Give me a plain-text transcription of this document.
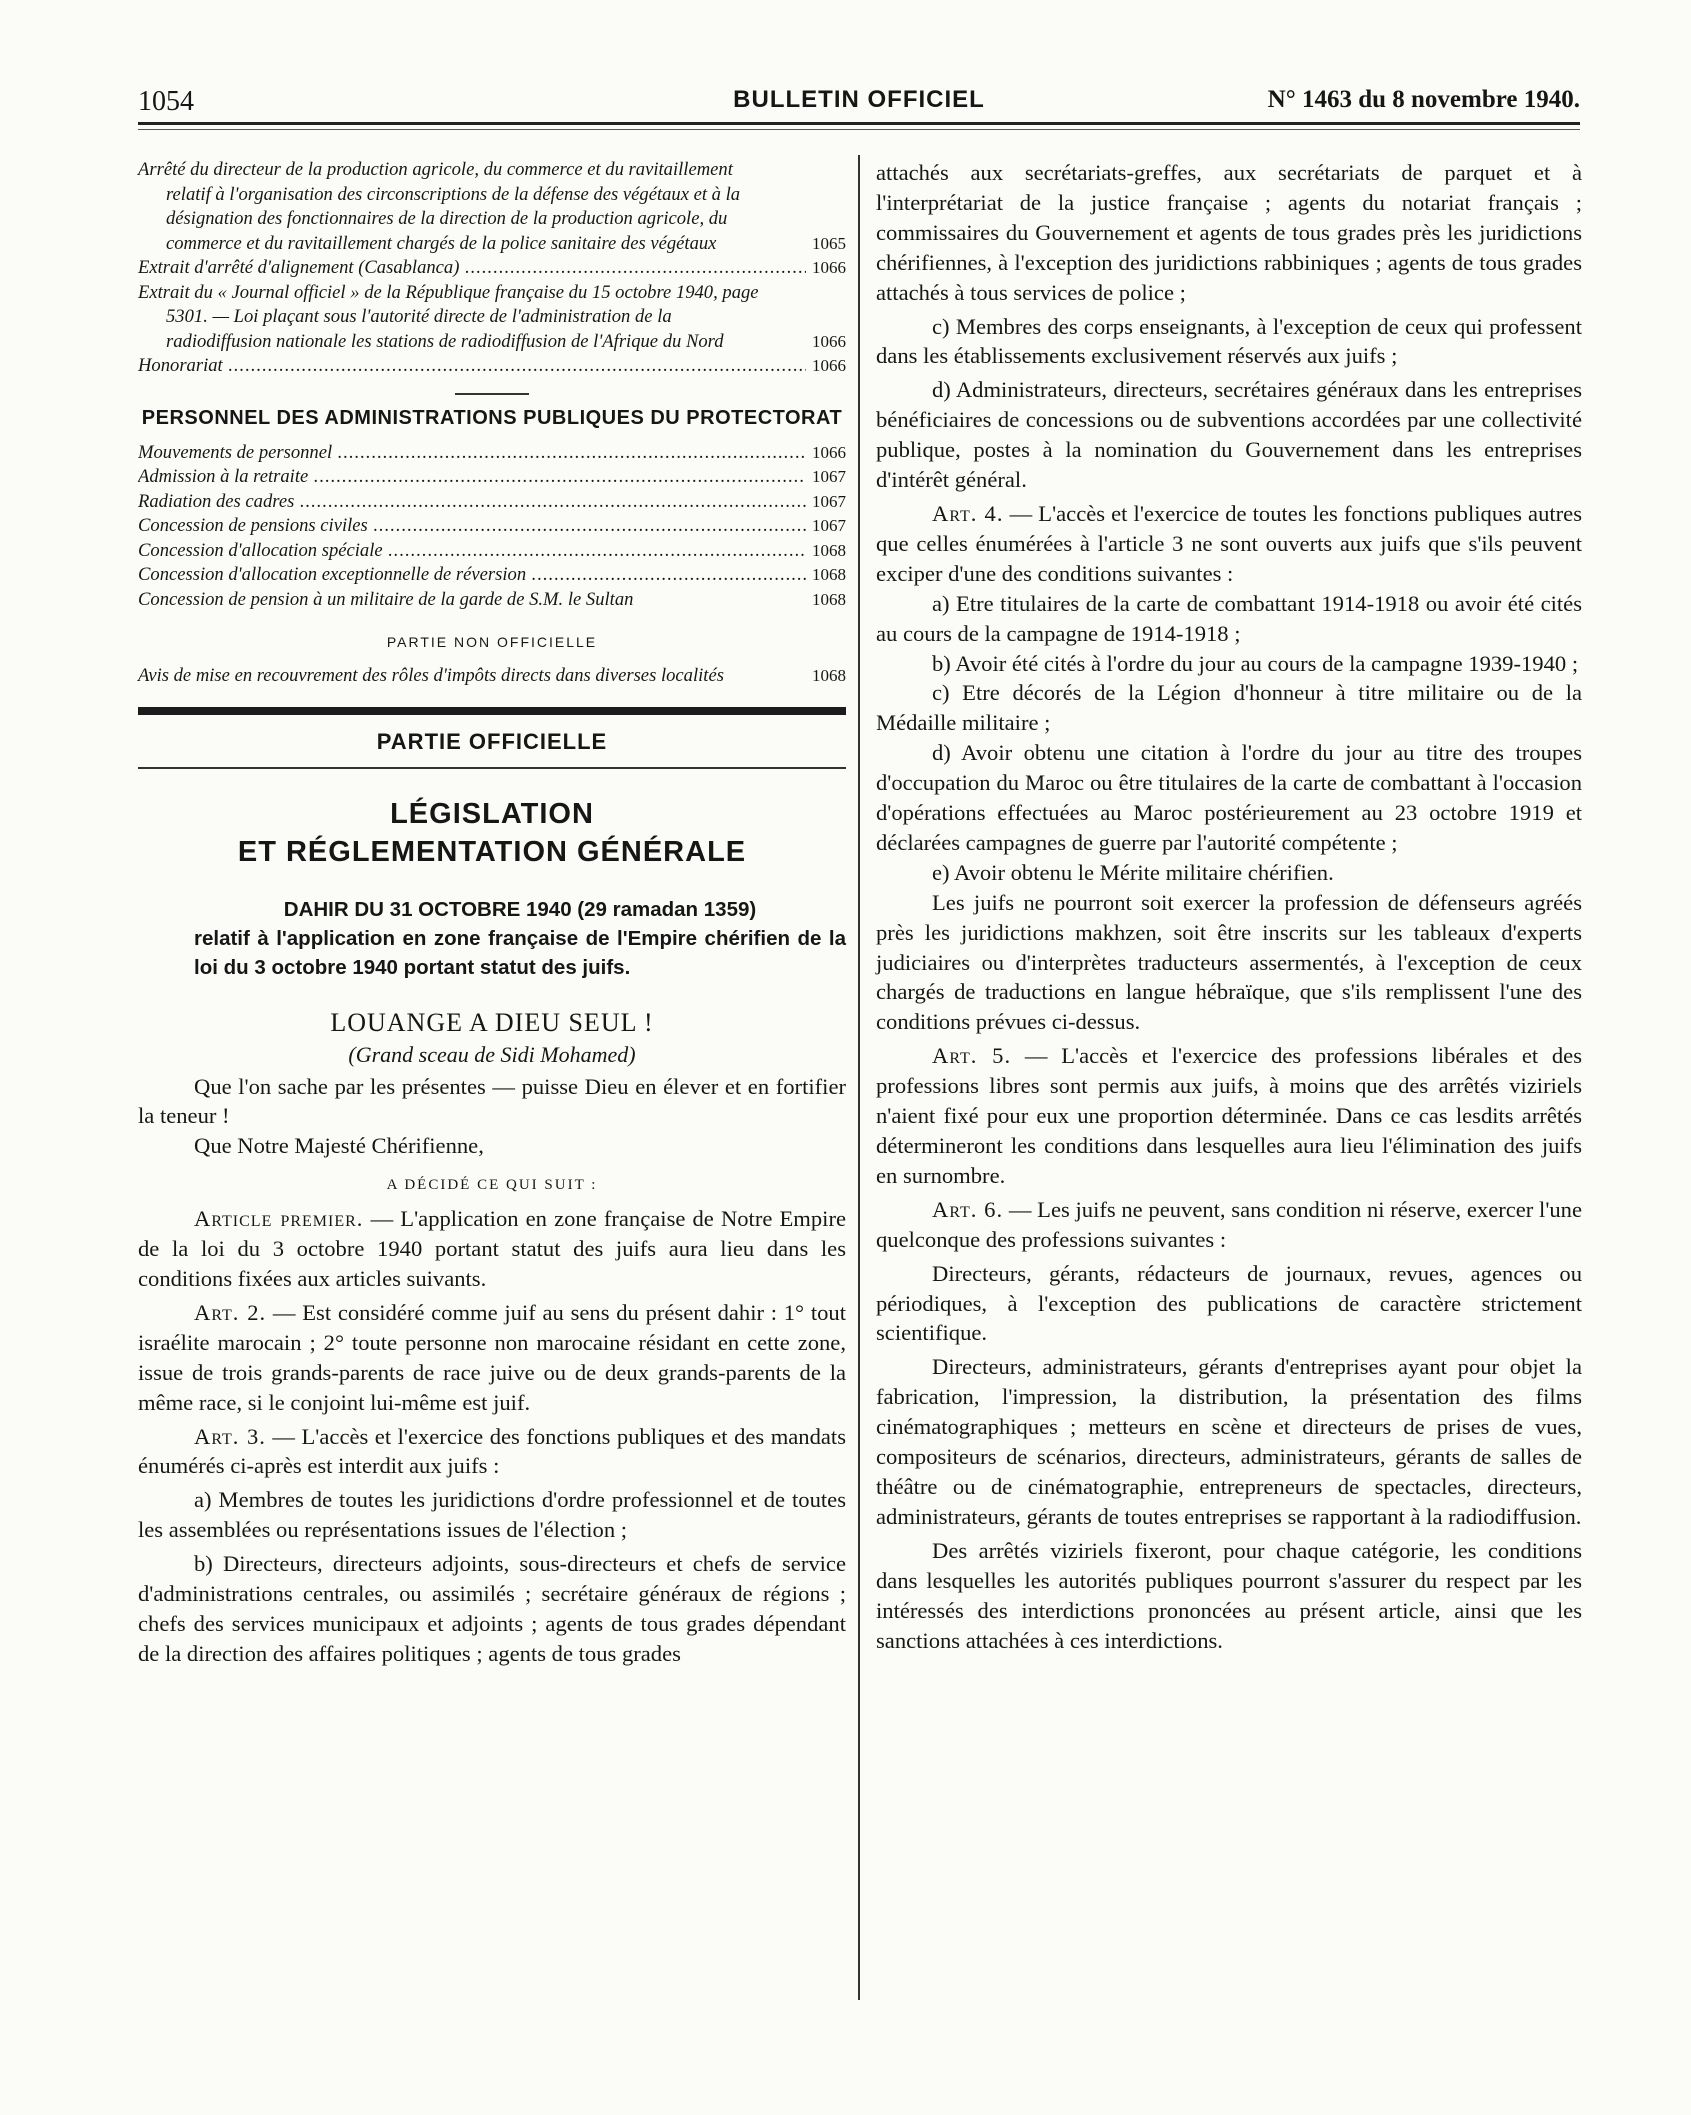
1054	BULLETIN OFFICIEL	N° 1463 du 8 novembre 1940.
Arrêté du directeur de la production agricole, du commerce et du ravitaillement relatif à l'organisation des circonscriptions de la défense des végétaux et à la désignation des fonctionnaires de la direction de la production agricole, du commerce et du ravitaillement chargés de la police sanitaire des végétaux	1065
Extrait d'arrêté d'alignement (Casablanca) .....	1066
Extrait du « Journal officiel » de la République française du 15 octobre 1940, page 5301. — Loi plaçant sous l'autorité directe de l'administration de la radiodiffusion nationale les stations de radiodiffusion de l'Afrique du Nord	1066
Honorariat .....	1066
PERSONNEL DES ADMINISTRATIONS PUBLIQUES DU PROTECTORAT
Mouvements de personnel .....	1066
Admission à la retraite .....	1067
Radiation des cadres .....	1067
Concession de pensions civiles .....	1067
Concession d'allocation spéciale .....	1068
Concession d'allocation exceptionnelle de réversion .....	1068
Concession de pension à un militaire de la garde de S.M. le Sultan	1068
PARTIE NON OFFICIELLE
Avis de mise en recouvrement des rôles d'impôts directs dans diverses localités	1068
PARTIE OFFICIELLE
LÉGISLATION
ET RÉGLEMENTATION GÉNÉRALE
DAHIR DU 31 OCTOBRE 1940 (29 ramadan 1359)
relatif à l'application en zone française de l'Empire chérifien de la loi du 3 octobre 1940 portant statut des juifs.
LOUANGE A DIEU SEUL !
(Grand sceau de Sidi Mohamed)

Que l'on sache par les présentes — puisse Dieu en élever et en fortifier la teneur !

Que Notre Majesté Chérifienne,

A DÉCIDÉ CE QUI SUIT :

Article premier. — L'application en zone française de Notre Empire de la loi du 3 octobre 1940 portant statut des juifs aura lieu dans les conditions fixées aux articles suivants.

Art. 2. — Est considéré comme juif au sens du présent dahir : 1° tout israélite marocain ; 2° toute personne non marocaine résidant en cette zone, issue de trois grands-parents de race juive ou de deux grands-parents de la même race, si le conjoint lui-même est juif.

Art. 3. — L'accès et l'exercice des fonctions publiques et des mandats énumérés ci-après est interdit aux juifs :

a) Membres de toutes les juridictions d'ordre professionnel et de toutes les assemblées ou représentations issues de l'élection ;

b) Directeurs, directeurs adjoints, sous-directeurs et chefs de service d'administrations centrales, ou assimilés ; secrétaire généraux de régions ; chefs des services municipaux et adjoints ; agents de tous grades dépendant de la direction des affaires politiques ; agents de tous grades

attachés aux secrétariats-greffes, aux secrétariats de parquet et à l'interprétariat de la justice française ; agents du notariat français ; commissaires du Gouvernement et agents de tous grades près les juridictions chérifiennes, à l'exception des juridictions rabbiniques ; agents de tous grades attachés à tous services de police ;

c) Membres des corps enseignants, à l'exception de ceux qui professent dans les établissements exclusivement réservés aux juifs ;

d) Administrateurs, directeurs, secrétaires généraux dans les entreprises bénéficiaires de concessions ou de subventions accordées par une collectivité publique, postes à la nomination du Gouvernement dans les entreprises d'intérêt général.

Art. 4. — L'accès et l'exercice de toutes les fonctions publiques autres que celles énumérées à l'article 3 ne sont ouverts aux juifs que s'ils peuvent exciper d'une des conditions suivantes :

a) Etre titulaires de la carte de combattant 1914-1918 ou avoir été cités au cours de la campagne de 1914-1918 ;

b) Avoir été cités à l'ordre du jour au cours de la campagne 1939-1940 ;

c) Etre décorés de la Légion d'honneur à titre militaire ou de la Médaille militaire ;

d) Avoir obtenu une citation à l'ordre du jour au titre des troupes d'occupation du Maroc ou être titulaires de la carte de combattant à l'occasion d'opérations effectuées au Maroc postérieurement au 23 octobre 1919 et déclarées campagnes de guerre par l'autorité compétente ;

e) Avoir obtenu le Mérite militaire chérifien.

Les juifs ne pourront soit exercer la profession de défenseurs agréés près les juridictions makhzen, soit être inscrits sur les tableaux d'experts judiciaires ou d'interprètes traducteurs assermentés, à l'exception de ceux chargés de traductions en langue hébraïque, que s'ils remplissent l'une des conditions prévues ci-dessus.

Art. 5. — L'accès et l'exercice des professions libérales et des professions libres sont permis aux juifs, à moins que des arrêtés viziriels n'aient fixé pour eux une proportion déterminée. Dans ce cas lesdits arrêtés détermineront les conditions dans lesquelles aura lieu l'élimination des juifs en surnombre.

Art. 6. — Les juifs ne peuvent, sans condition ni réserve, exercer l'une quelconque des professions suivantes :

Directeurs, gérants, rédacteurs de journaux, revues, agences ou périodiques, à l'exception des publications de caractère strictement scientifique.

Directeurs, administrateurs, gérants d'entreprises ayant pour objet la fabrication, l'impression, la distribution, la présentation des films cinématographiques ; metteurs en scène et directeurs de prises de vues, compositeurs de scénarios, directeurs, administrateurs, gérants de salles de théâtre ou de cinématographie, entrepreneurs de spectacles, directeurs, administrateurs, gérants de toutes entreprises se rapportant à la radiodiffusion.

Des arrêtés viziriels fixeront, pour chaque catégorie, les conditions dans lesquelles les autorités publiques pourront s'assurer du respect par les intéressés des interdictions prononcées au présent article, ainsi que les sanctions attachées à ces interdictions.
